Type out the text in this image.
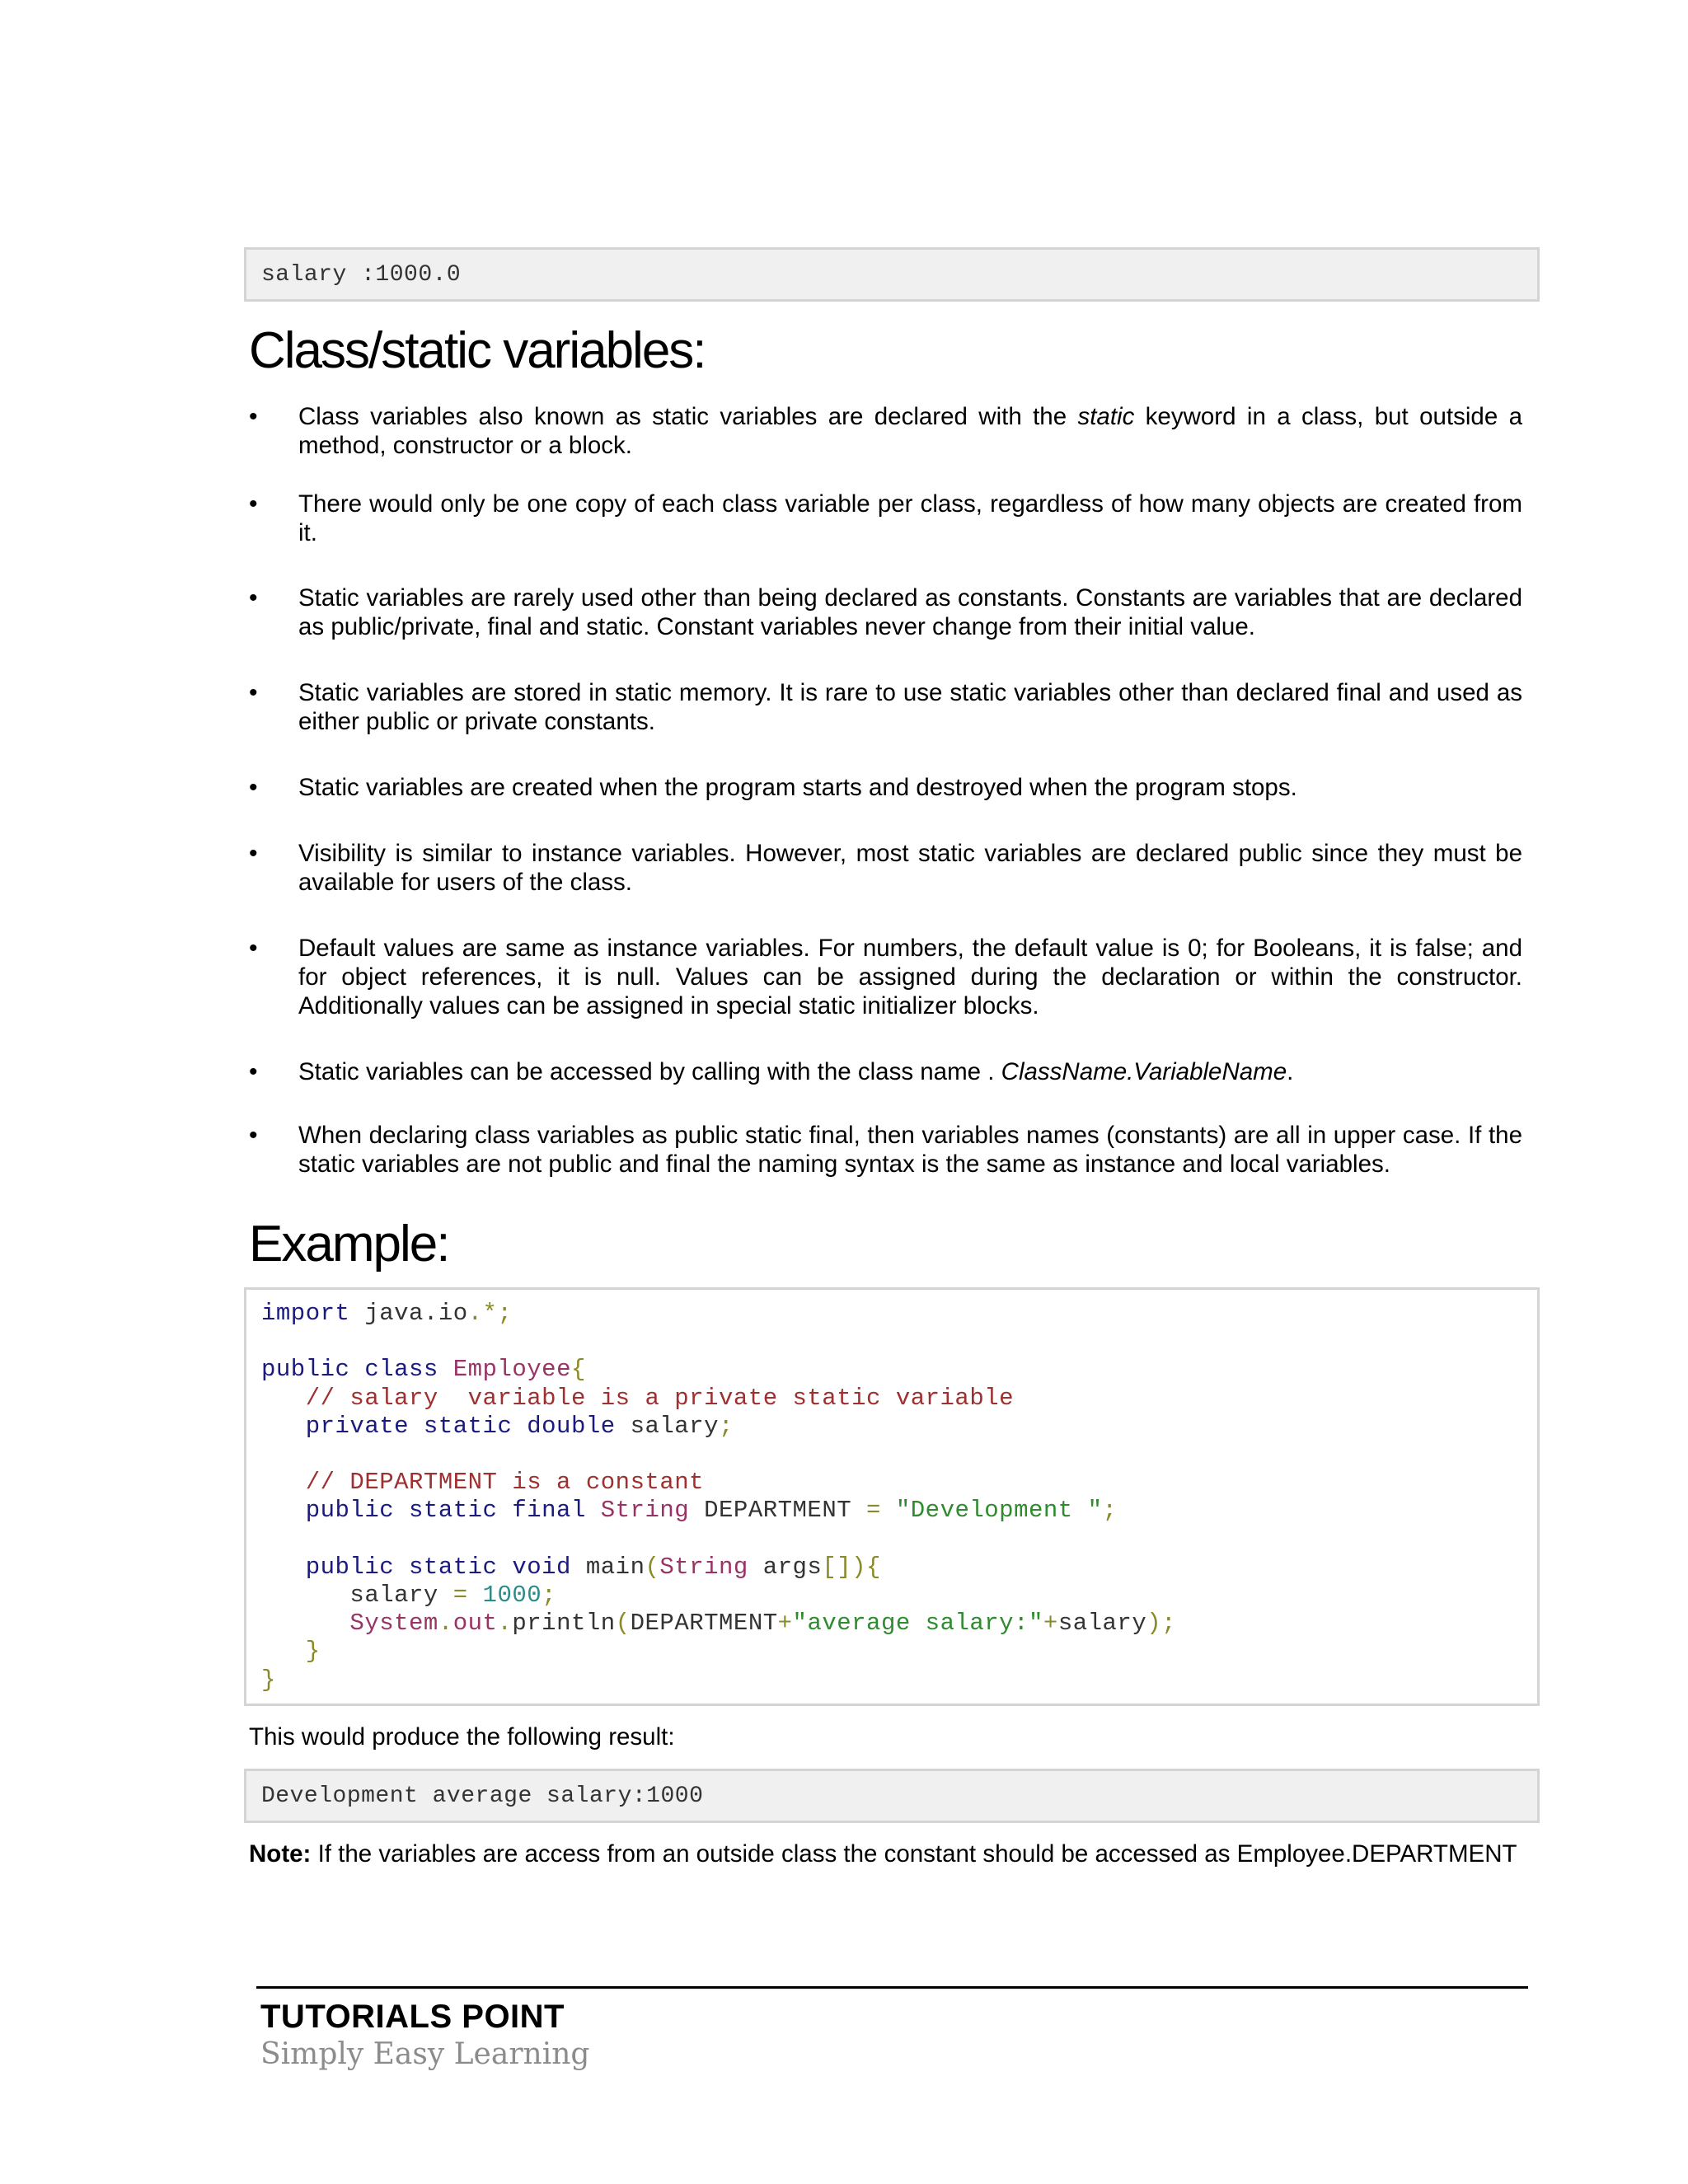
salary :1000.0
Class/static variables:
• Class variables also known as static variables are declared with the static keyword in a class, but outside a method, constructor or a block.
• There would only be one copy of each class variable per class, regardless of how many objects are created from it.
• Static variables are rarely used other than being declared as constants. Constants are variables that are declared as public/private, final and static. Constant variables never change from their initial value.
• Static variables are stored in static memory. It is rare to use static variables other than declared final and used as either public or private constants.
• Static variables are created when the program starts and destroyed when the program stops.
• Visibility is similar to instance variables. However, most static variables are declared public since they must be available for users of the class.
• Default values are same as instance variables. For numbers, the default value is 0; for Booleans, it is false; and for object references, it is null. Values can be assigned during the declaration or within the constructor. Additionally values can be assigned in special static initializer blocks.
• Static variables can be accessed by calling with the class name . ClassName.VariableName.
• When declaring class variables as public static final, then variables names (constants) are all in upper case. If the static variables are not public and final the naming syntax is the same as instance and local variables.
Example:
import java.io.*;

public class Employee{
// salary  variable is a private static variable
private static double salary;

// DEPARTMENT is a constant
public static final String DEPARTMENT = "Development ";

public static void main(String args[]){
salary = 1000;
System.out.println(DEPARTMENT+"average salary:"+salary);
}
}
This would produce the following result:
Development average salary:1000
Note: If the variables are access from an outside class the constant should be accessed as Employee.DEPARTMENT
TUTORIALS POINT
Simply Easy Learning
